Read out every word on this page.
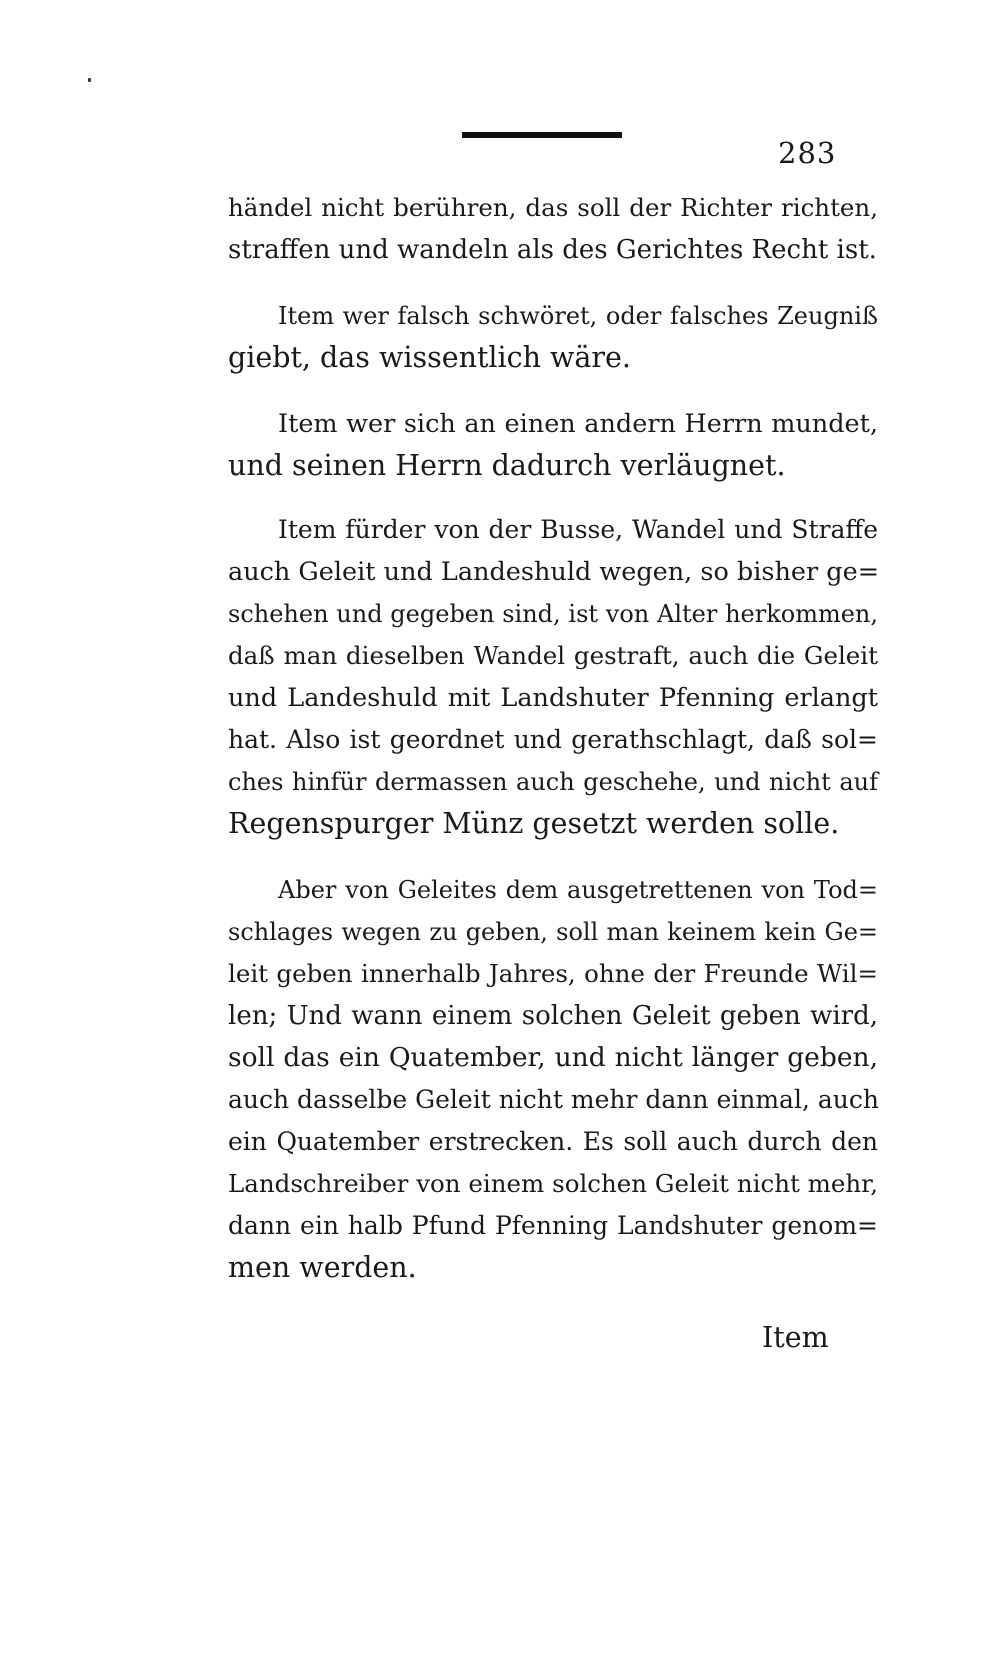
283
händel nicht berühren, das soll der Richter richten,
straffen und wandeln als des Gerichtes Recht ist.
Item wer falsch schwöret, oder falsches Zeugniß
giebt, das wissentlich wäre.
Item wer sich an einen andern Herrn mundet,
und seinen Herrn dadurch verläugnet.
Item fürder von der Busse, Wandel und Straffe
auch Geleit und Landeshuld wegen, so bisher ge=
schehen und gegeben sind, ist von Alter herkommen,
daß man dieselben Wandel gestraft, auch die Geleit
und Landeshuld mit Landshuter Pfenning erlangt
hat. Also ist geordnet und gerathschlagt, daß sol=
ches hinfür dermassen auch geschehe, und nicht auf
Regenspurger Münz gesetzt werden solle.
Aber von Geleites dem ausgetrettenen von Tod=
schlages wegen zu geben, soll man keinem kein Ge=
leit geben innerhalb Jahres, ohne der Freunde Wil=
len; Und wann einem solchen Geleit geben wird,
soll das ein Quatember, und nicht länger geben,
auch dasselbe Geleit nicht mehr dann einmal, auch
ein Quatember erstrecken. Es soll auch durch den
Landschreiber von einem solchen Geleit nicht mehr,
dann ein halb Pfund Pfenning Landshuter genom=
men werden.
Item
